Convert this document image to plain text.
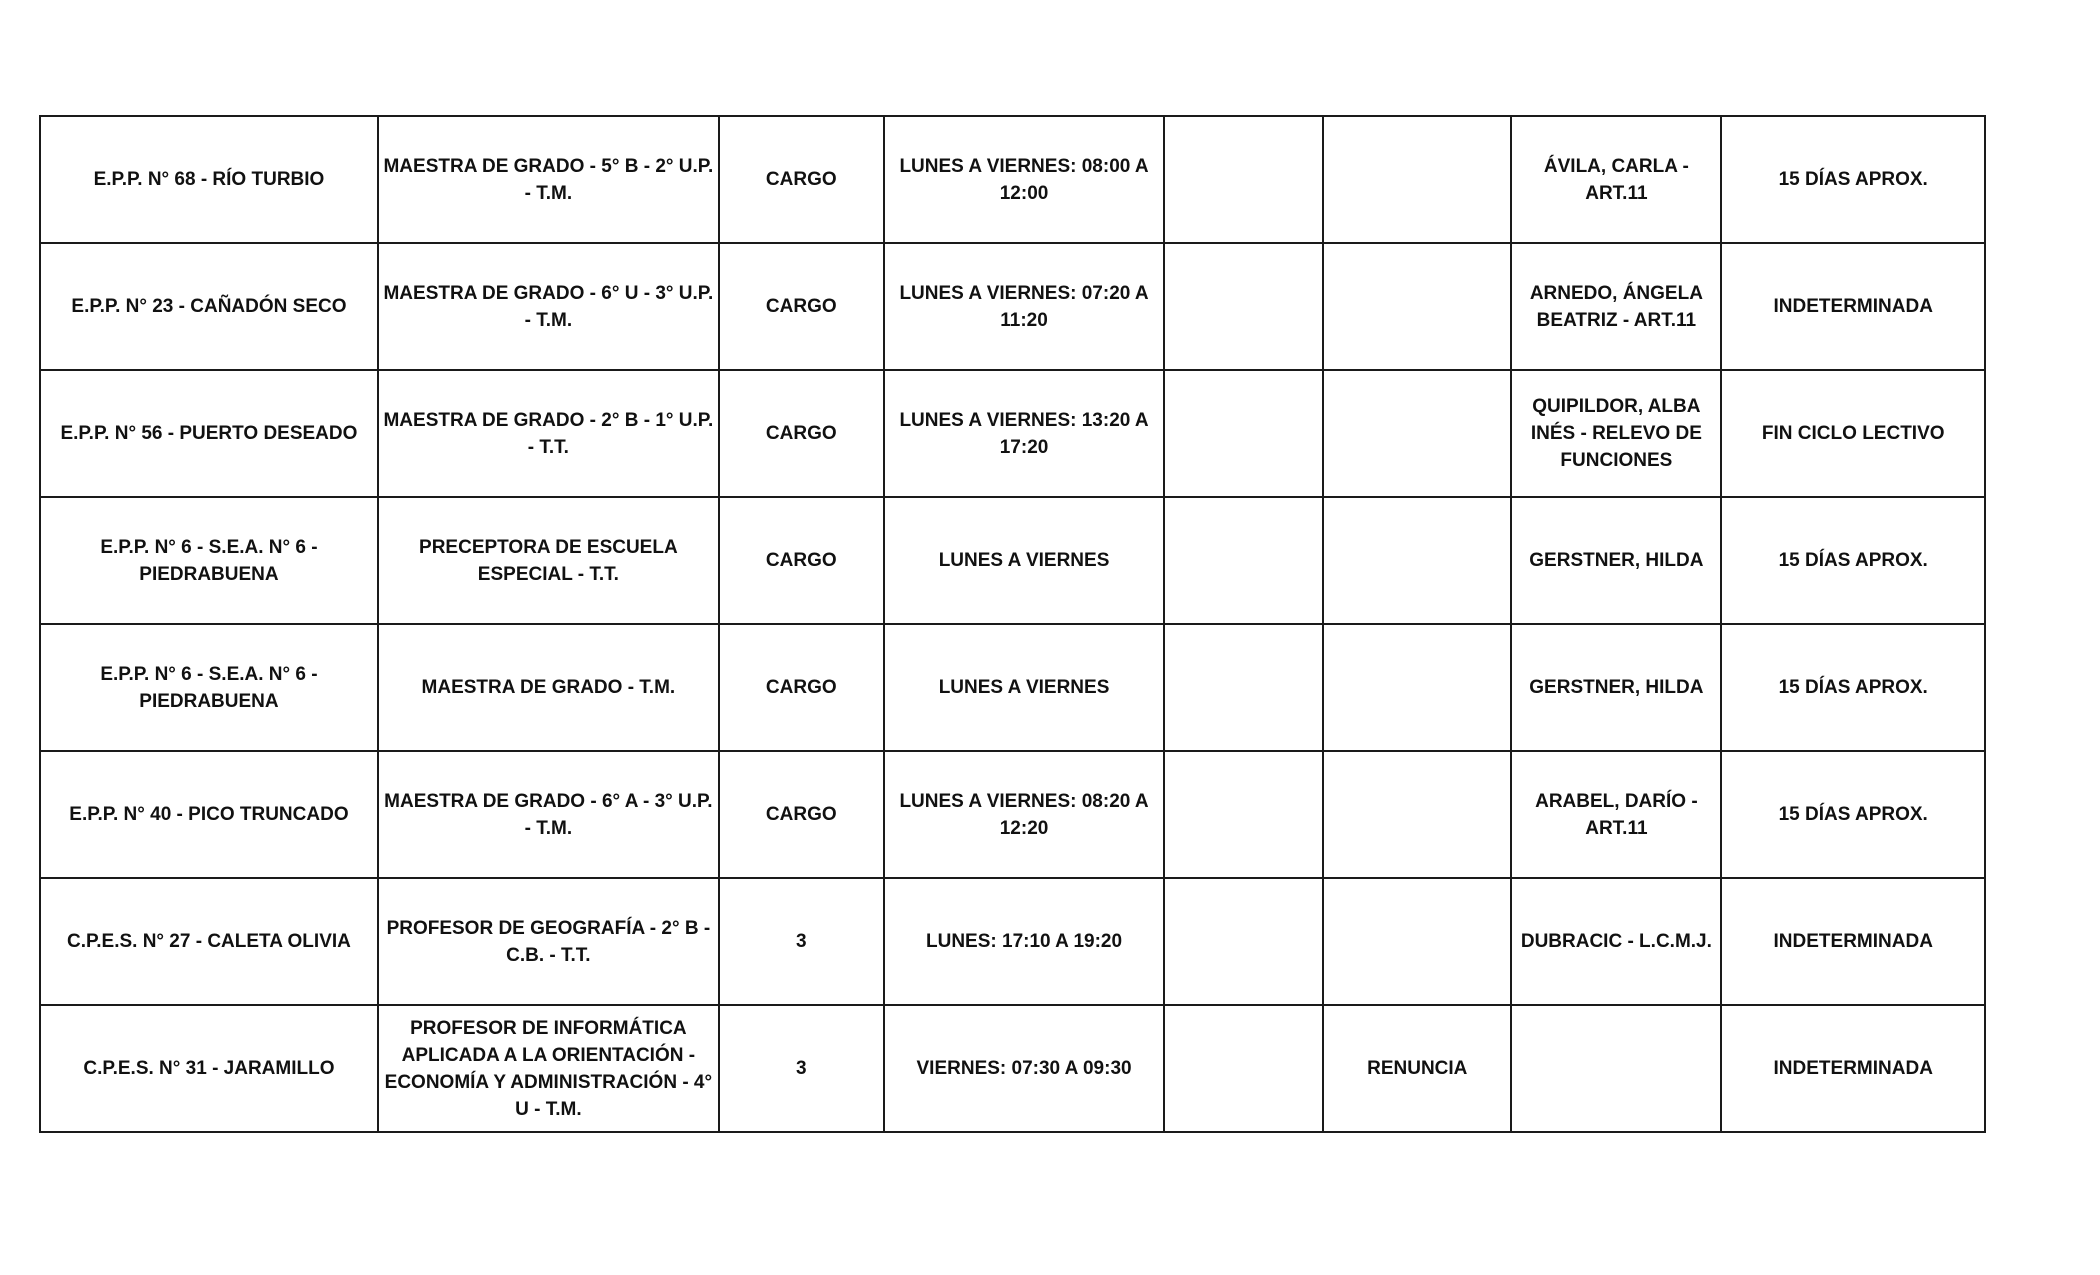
E.P.P. N° 68 - RÍO TURBIO	MAESTRA DE GRADO - 5° B - 2° U.P. - T.M.	CARGO	LUNES A VIERNES: 08:00 A 12:00			ÁVILA, CARLA - ART.11	15 DÍAS APROX.
E.P.P. N° 23 - CAÑADÓN SECO	MAESTRA DE GRADO - 6° U - 3° U.P. - T.M.	CARGO	LUNES A VIERNES: 07:20 A 11:20			ARNEDO, ÁNGELA BEATRIZ - ART.11	INDETERMINADA
E.P.P. N° 56 - PUERTO DESEADO	MAESTRA DE GRADO - 2° B - 1° U.P. - T.T.	CARGO	LUNES A VIERNES: 13:20 A 17:20			QUIPILDOR, ALBA INÉS - RELEVO DE FUNCIONES	FIN CICLO LECTIVO
E.P.P. N° 6 - S.E.A. N° 6 - PIEDRABUENA	PRECEPTORA DE ESCUELA ESPECIAL - T.T.	CARGO	LUNES A VIERNES			GERSTNER, HILDA	15 DÍAS APROX.
E.P.P. N° 6 - S.E.A. N° 6 - PIEDRABUENA	MAESTRA DE GRADO - T.M.	CARGO	LUNES A VIERNES			GERSTNER, HILDA	15 DÍAS APROX.
E.P.P. N° 40 - PICO TRUNCADO	MAESTRA DE GRADO - 6° A - 3° U.P. - T.M.	CARGO	LUNES A VIERNES: 08:20 A 12:20			ARABEL, DARÍO - ART.11	15 DÍAS APROX.
C.P.E.S. N° 27 - CALETA OLIVIA	PROFESOR DE GEOGRAFÍA - 2° B - C.B. - T.T.	3	LUNES: 17:10 A 19:20			DUBRACIC - L.C.M.J.	INDETERMINADA
C.P.E.S. N° 31 - JARAMILLO	PROFESOR DE INFORMÁTICA APLICADA A LA ORIENTACIÓN - ECONOMÍA Y ADMINISTRACIÓN - 4° U - T.M.	3	VIERNES: 07:30 A 09:30		RENUNCIA		INDETERMINADA
